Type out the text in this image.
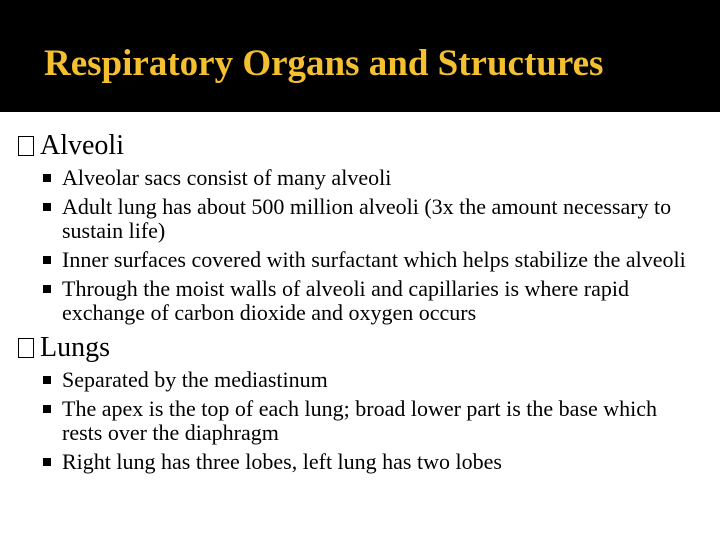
Respiratory Organs and Structures
Alveoli
Alveolar sacs consist of many alveoli
Adult lung has about 500 million alveoli (3x the amount necessary to sustain life)
Inner surfaces covered with surfactant which helps stabilize the alveoli
Through the moist walls of alveoli and capillaries is where rapid exchange of carbon dioxide and oxygen occurs
Lungs
Separated by the mediastinum
The apex is the top of each lung; broad lower part is the base which rests over the diaphragm
Right lung has three lobes, left lung has two lobes
